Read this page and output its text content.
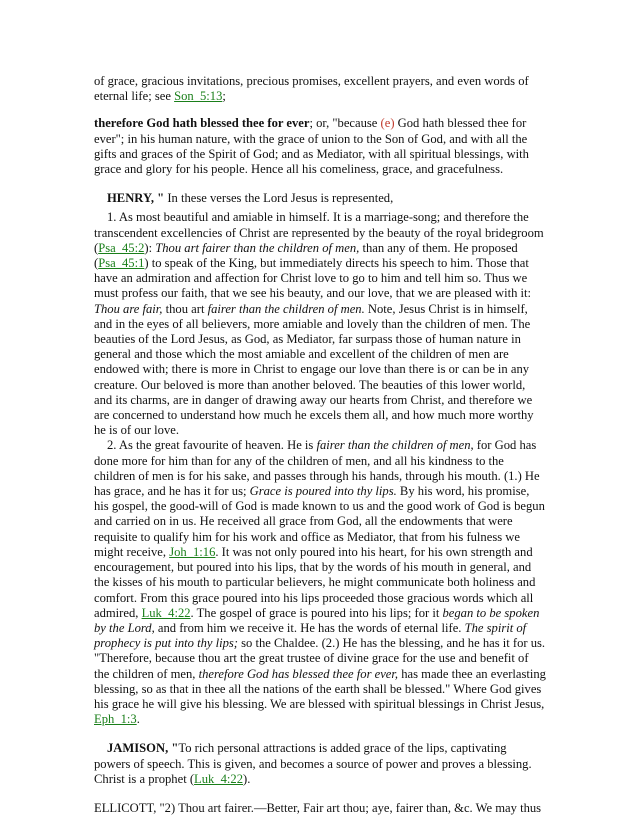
of grace, gracious invitations, precious promises, excellent prayers, and even words of eternal life; see Son_5:13;

therefore God hath blessed thee for ever; or, "because (e) God hath blessed thee for ever"; in his human nature, with the grace of union to the Son of God, and with all the gifts and graces of the Spirit of God; and as Mediator, with all spiritual blessings, with grace and glory for his people. Hence all his comeliness, grace, and gracefulness.

HENRY, " In these verses the Lord Jesus is represented,

1. As most beautiful and amiable in himself. It is a marriage-song; and therefore the transcendent excellencies of Christ are represented by the beauty of the royal bridegroom (Psa_45:2): Thou art fairer than the children of men, than any of them. He proposed (Psa_45:1) to speak of the King, but immediately directs his speech to him. Those that have an admiration and affection for Christ love to go to him and tell him so. Thus we must profess our faith, that we see his beauty, and our love, that we are pleased with it: Thou are fair, thou art fairer than the children of men. Note, Jesus Christ is in himself, and in the eyes of all believers, more amiable and lovely than the children of men. The beauties of the Lord Jesus, as God, as Mediator, far surpass those of human nature in general and those which the most amiable and excellent of the children of men are endowed with; there is more in Christ to engage our love than there is or can be in any creature. Our beloved is more than another beloved. The beauties of this lower world, and its charms, are in danger of drawing away our hearts from Christ, and therefore we are concerned to understand how much he excels them all, and how much more worthy he is of our love.

2. As the great favourite of heaven. He is fairer than the children of men, for God has done more for him than for any of the children of men, and all his kindness to the children of men is for his sake, and passes through his hands, through his mouth. (1.) He has grace, and he has it for us; Grace is poured into thy lips. By his word, his promise, his gospel, the good-will of God is made known to us and the good work of God is begun and carried on in us. He received all grace from God, all the endowments that were requisite to qualify him for his work and office as Mediator, that from his fulness we might receive, Joh_1:16. It was not only poured into his heart, for his own strength and encouragement, but poured into his lips, that by the words of his mouth in general, and the kisses of his mouth to particular believers, he might communicate both holiness and comfort. From this grace poured into his lips proceeded those gracious words which all admired, Luk_4:22. The gospel of grace is poured into his lips; for it began to be spoken by the Lord, and from him we receive it. He has the words of eternal life. The spirit of prophecy is put into thy lips; so the Chaldee. (2.) He has the blessing, and he has it for us. "Therefore, because thou art the great trustee of divine grace for the use and benefit of the children of men, therefore God has blessed thee for ever, has made thee an everlasting blessing, so as that in thee all the nations of the earth shall be blessed." Where God gives his grace he will give his blessing. We are blessed with spiritual blessings in Christ Jesus, Eph_1:3.

JAMISON, "To rich personal attractions is added grace of the lips, captivating powers of speech. This is given, and becomes a source of power and proves a blessing. Christ is a prophet (Luk_4:22).

ELLICOTT, "2) Thou art fairer.—Better, Fair art thou; aye, fairer than, &c. We may thus
